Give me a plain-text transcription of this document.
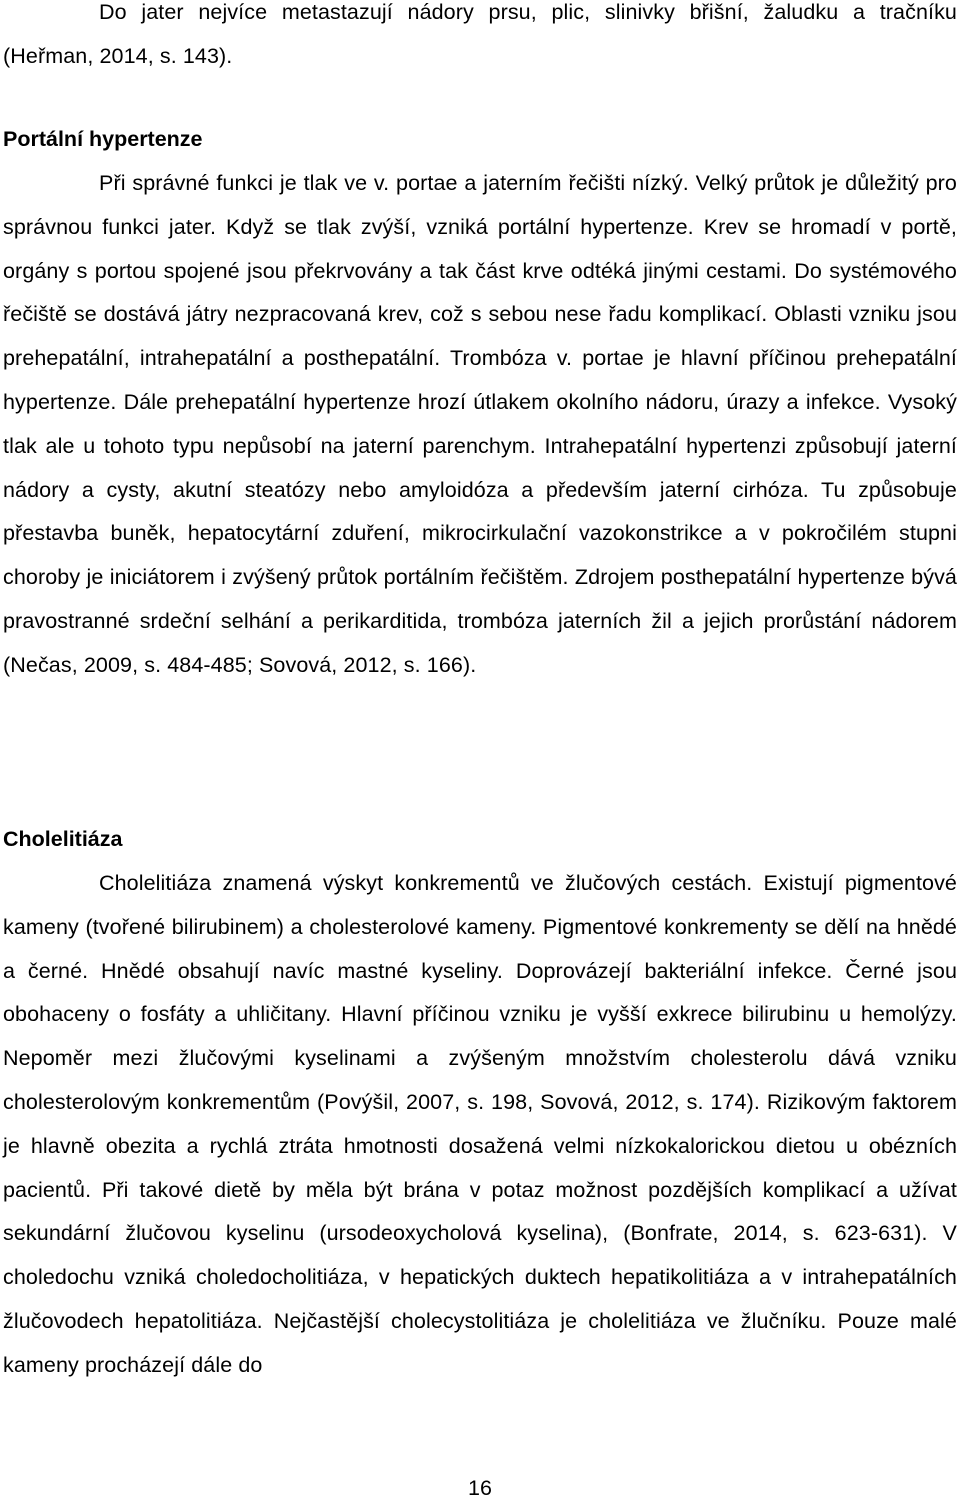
Do jater nejvíce metastazují nádory prsu, plic, slinivky břišní, žaludku a tračníku (Heřman, 2014, s. 143).

Portální hypertenze

Při správné funkci je tlak ve v. portae a jaterním řečišti nízký. Velký průtok je důležitý pro správnou funkci jater. Když se tlak zvýší, vzniká portální hypertenze. Krev se hromadí v portě, orgány s portou spojené jsou překrvovány a tak část krve odtéká jinými cestami. Do systémového řečiště se dostává játry nezpracovaná krev, což s sebou nese řadu komplikací. Oblasti vzniku jsou prehepatální, intrahepatální a posthepatální. Trombóza v. portae je hlavní příčinou prehepatální hypertenze. Dále prehepatální hypertenze hrozí útlakem okolního nádoru, úrazy a infekce. Vysoký tlak ale u tohoto typu nepůsobí na jaterní parenchym. Intrahepatální hypertenzi způsobují jaterní nádory a cysty, akutní steatózy nebo amyloidóza a především jaterní cirhóza. Tu způsobuje přestavba buněk, hepatocytární zduření, mikrocirkulační vazokonstrikce a v pokročilém stupni choroby je iniciátorem i zvýšený průtok portálním řečištěm. Zdrojem posthepatální hypertenze bývá pravostranné srdeční selhání a perikarditida, trombóza jaterních žil a jejich prorůstání nádorem (Nečas, 2009, s. 484-485; Sovová, 2012, s. 166).

Cholelitiáza

Cholelitiáza znamená výskyt konkrementů ve žlučových cestách. Existují pigmentové kameny (tvořené bilirubinem) a cholesterolové kameny. Pigmentové konkrementy se dělí na hnědé a černé. Hnědé obsahují navíc mastné kyseliny. Doprovázejí bakteriální infekce. Černé jsou obohaceny o fosfáty a uhličitany. Hlavní příčinou vzniku je vyšší exkrece bilirubinu u hemolýzy. Nepoměr mezi žlučovými kyselinami a zvýšeným množstvím cholesterolu dává vzniku cholesterolovým konkrementům (Povýšil, 2007, s. 198, Sovová, 2012, s. 174). Rizikovým faktorem je hlavně obezita a rychlá ztráta hmotnosti dosažená velmi nízkokalorickou dietou u obézních pacientů. Při takové dietě by měla být brána v potaz možnost pozdějších komplikací a užívat sekundární žlučovou kyselinu (ursodeoxycholová kyselina), (Bonfrate, 2014, s. 623-631). V choledochu vzniká choledocholitiáza, v hepatických duktech hepatikolitiáza a v intrahepatálních žlučovodech hepatolitiáza. Nejčastější cholecystolitiáza je cholelitiáza ve žlučníku. Pouze malé kameny procházejí dále do

16
